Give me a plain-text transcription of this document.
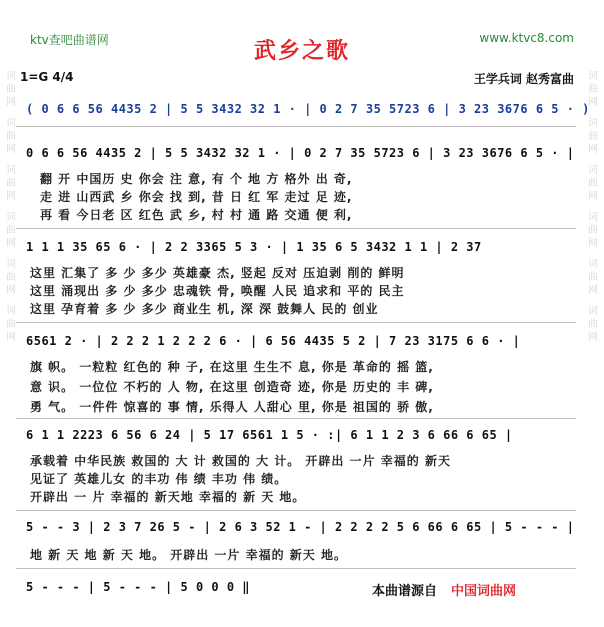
词曲网
词曲网
词曲网
词曲网
词曲网
词曲网
词曲网
词曲网
词曲网
词曲网
词曲网
词曲网
ktv查吧曲谱网	www.ktvc8.com
武乡之歌
1=G 4/4	王学兵词 赵秀富曲
( 0 6 6 56 4435 2 | 5 5 3432 32 1 · | 0 2 7 35 5723 6 | 3 23 3676 6 5 · )
0 6 6 56 4435 2 | 5 5 3432 32 1 · | 0 2 7 35 5723 6 | 3 23 3676 6 5 · |
翻 开 中国历 史 你会 注 意, 有 个 地 方 格外 出 奇,
走 进 山西武 乡 你会 找 到, 昔 日 红 军 走过 足 迹,
再 看 今日老 区 红色 武 乡, 村 村 通 路 交通 便 利,
1 1 1 35 65 6 · | 2 2 3365 5 3 · | 1 35 6 5 3432 1 1 | 2 37
这里 汇集了 多 少 多少 英雄豪 杰, 竖起 反对 压迫剥 削的 鲜明
这里 涌现出 多 少 多少 忠魂铁 骨, 唤醒 人民 追求和 平的 民主
这里 孕育着 多 少 多少 商业生 机, 深 深 鼓舞人 民的 创业
6561 2 · | 2 2 2 1 2 2 2 6 · | 6 56 4435 5 2 | 7 23 3175 6 6 · |
旗 帜。 一粒粒 红色的 种 子, 在这里 生生不 息, 你是 革命的 摇 篮,
意 识。 一位位 不朽的 人 物, 在这里 创造奇 迹, 你是 历史的 丰 碑,
勇 气。 一件件 惊喜的 事 情, 乐得人 人甜心 里, 你是 祖国的 骄 傲,
6 1 1 2223 6 56 6 24 | 5 17 6561 1 5 · :| 6 1 1 2 3 6 66 6 65 |
承载着 中华民族 救国的 大 计 救国的 大 计。 开辟出 一片 幸福的 新天
见证了 英雄儿女 的丰功 伟 绩 丰功 伟 绩。
开辟出 一 片 幸福的 新天地 幸福的 新 天 地。
5 - - 3 | 2 3 7 26 5 - | 2 6 3 52 1 - | 2 2 2 2 5 6 66 6 65 | 5 - - - |
地 新 天 地 新 天 地。 开辟出 一片 幸福的 新天 地。
5 - - - | 5 - - - | 5 0 0 0 ‖	本曲谱源自 中国词曲网
